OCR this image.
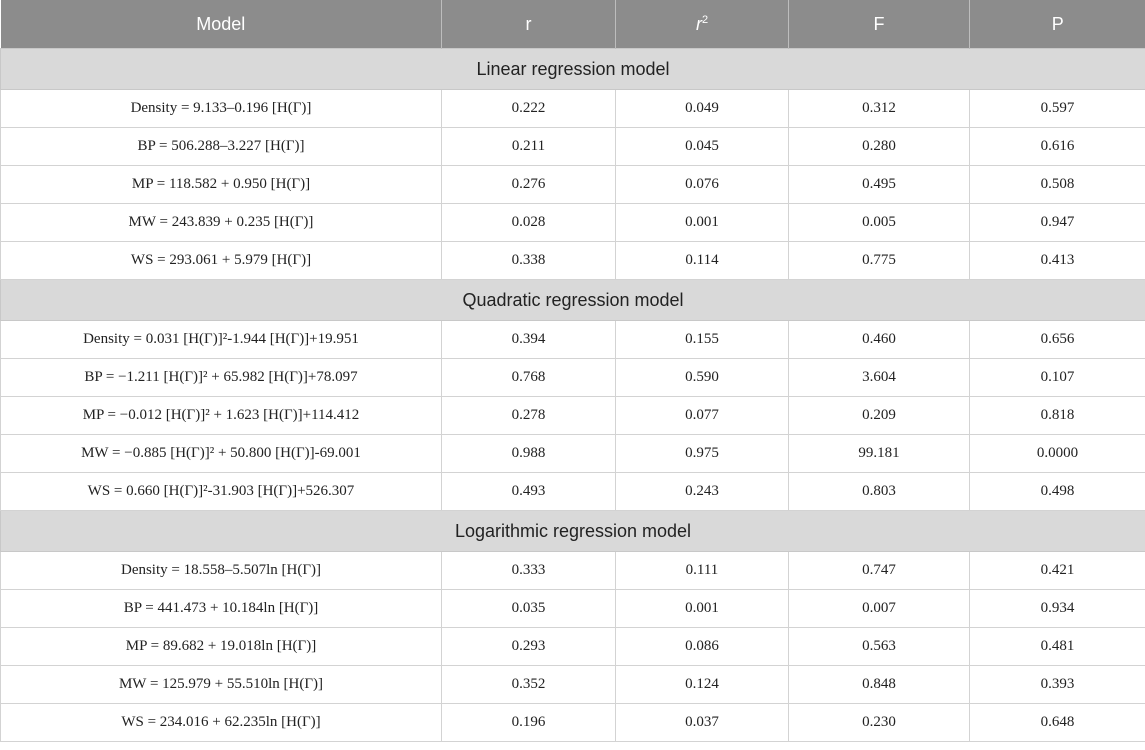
Model	r	$r^2$	F	P
Linear regression model				
Density = 9.133–0.196 [H(Γ)]	0.222	0.049	0.312	0.597
BP = 506.288–3.227 [H(Γ)]	0.211	0.045	0.280	0.616
MP = 118.582 + 0.950 [H(Γ)]	0.276	0.076	0.495	0.508
MW = 243.839 + 0.235 [H(Γ)]	0.028	0.001	0.005	0.947
WS = 293.061 + 5.979 [H(Γ)]	0.338	0.114	0.775	0.413
Quadratic regression model				
Density = 0.031 [H(Γ)]²-1.944 [H(Γ)]+19.951	0.394	0.155	0.460	0.656
BP = −1.211 [H(Γ)]² + 65.982 [H(Γ)]+78.097	0.768	0.590	3.604	0.107
MP = −0.012 [H(Γ)]² + 1.623 [H(Γ)]+114.412	0.278	0.077	0.209	0.818
MW = −0.885 [H(Γ)]² + 50.800 [H(Γ)]-69.001	0.988	0.975	99.181	0.0000
WS = 0.660 [H(Γ)]²-31.903 [H(Γ)]+526.307	0.493	0.243	0.803	0.498
Logarithmic regression model				
Density = 18.558–5.507ln [H(Γ)]	0.333	0.111	0.747	0.421
BP = 441.473 + 10.184ln [H(Γ)]	0.035	0.001	0.007	0.934
MP = 89.682 + 19.018ln [H(Γ)]	0.293	0.086	0.563	0.481
MW = 125.979 + 55.510ln [H(Γ)]	0.352	0.124	0.848	0.393
WS = 234.016 + 62.235ln [H(Γ)]	0.196	0.037	0.230	0.648
